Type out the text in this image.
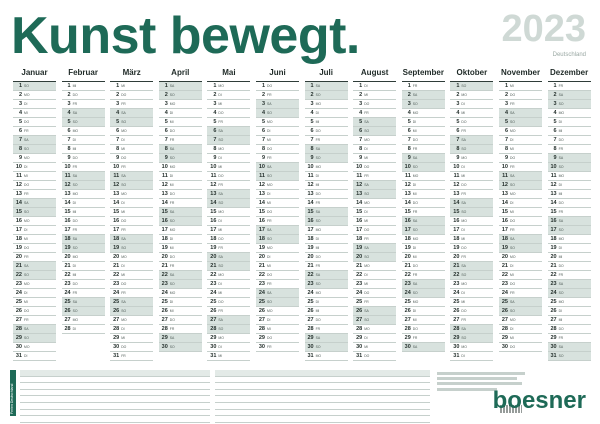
Kunst bewegt.	2023
Deutschland
Januar
1 SO
2 MO
3 DI
4 MI
5 DO
6 FR
7 SA
8 SO
9 MO
10 DI
11 MI
12 DO
13 FR
14 SA
15 SO
16 MO
17 DI
18 MI
19 DO
20 FR
21 SA
22 SO
23 MO
24 DI
25 MI
26 DO
27 FR
28 SA
29 SO
30 MO
31 DI
Februar
1 MI
2 DO
3 FR
4 SA
5 SO
6 MO
7 DI
8 MI
9 DO
10 FR
11 SA
12 SO
13 MO
14 DI
15 MI
16 DO
17 FR
18 SA
19 SO
20 MO
21 DI
22 MI
23 DO
24 FR
25 SA
26 SO
27 MO
28 DI
März
1 MI
2 DO
3 FR
4 SA
5 SO
6 MO
7 DI
8 MI
9 DO
10 FR
11 SA
12 SO
13 MO
14 DI
15 MI
16 DO
17 FR
18 SA
19 SO
20 MO
21 DI
22 MI
23 DO
24 FR
25 SA
26 SO
27 MO
28 DI
29 MI
30 DO
31 FR
April
1 SA
2 SO
3 MO
4 DI
5 MI
6 DO
7 FR
8 SA
9 SO
10 MO
11 DI
12 MI
13 DO
14 FR
15 SA
16 SO
17 MO
18 DI
19 MI
20 DO
21 FR
22 SA
23 SO
24 MO
25 DI
26 MI
27 DO
28 FR
29 SA
30 SO
Mai
1 MO
2 DI
3 MI
4 DO
5 FR
6 SA
7 SO
8 MO
9 DI
10 MI
11 DO
12 FR
13 SA
14 SO
15 MO
16 DI
17 MI
18 DO
19 FR
20 SA
21 SO
22 MO
23 DI
24 MI
25 DO
26 FR
27 SA
28 SO
29 MO
30 DI
31 MI
Juni
1 DO
2 FR
3 SA
4 SO
5 MO
6 DI
7 MI
8 DO
9 FR
10 SA
11 SO
12 MO
13 DI
14 MI
15 DO
16 FR
17 SA
18 SO
19 MO
20 DI
21 MI
22 DO
23 FR
24 SA
25 SO
26 MO
27 DI
28 MI
29 DO
30 FR
Juli
1 SA
2 SO
3 MO
4 DI
5 MI
6 DO
7 FR
8 SA
9 SO
10 MO
11 DI
12 MI
13 DO
14 FR
15 SA
16 SO
17 MO
18 DI
19 MI
20 DO
21 FR
22 SA
23 SO
24 MO
25 DI
26 MI
27 DO
28 FR
29 SA
30 SO
31 MO
August
1 DI
2 MI
3 DO
4 FR
5 SA
6 SO
7 MO
8 DI
9 MI
10 DO
11 FR
12 SA
13 SO
14 MO
15 DI
16 MI
17 DO
18 FR
19 SA
20 SO
21 MO
22 DI
23 MI
24 DO
25 FR
26 SA
27 SO
28 MO
29 DI
30 MI
31 DO
September
1 FR
2 SA
3 SO
4 MO
5 DI
6 MI
7 DO
8 FR
9 SA
10 SO
11 MO
12 DI
13 MI
14 DO
15 FR
16 SA
17 SO
18 MO
19 DI
20 MI
21 DO
22 FR
23 SA
24 SO
25 MO
26 DI
27 MI
28 DO
29 FR
30 SA
Oktober
1 SO
2 MO
3 DI
4 MI
5 DO
6 FR
7 SA
8 SO
9 MO
10 DI
11 MI
12 DO
13 FR
14 SA
15 SO
16 MO
17 DI
18 MI
19 DO
20 FR
21 SA
22 SO
23 MO
24 DI
25 MI
26 DO
27 FR
28 SA
29 SO
30 MO
31 DI
November
1 MI
2 DO
3 FR
4 SA
5 SO
6 MO
7 DI
8 MI
9 DO
10 FR
11 SA
12 SO
13 MO
14 DI
15 MI
16 DO
17 FR
18 SA
19 SO
20 MO
21 DI
22 MI
23 DO
24 FR
25 SA
26 SO
27 MO
28 DI
29 MI
30 DO
Dezember
1 FR
2 SA
3 SO
4 MO
5 DI
6 MI
7 DO
8 FR
9 SA
10 SO
11 MO
12 DI
13 MI
14 DO
15 FR
16 SA
17 SO
18 MO
19 DI
20 MI
21 DO
22 FR
23 SA
24 SO
25 MO
26 DI
27 MI
28 DO
29 FR
30 SA
31 SO
Ferien Deutschland	boesner
